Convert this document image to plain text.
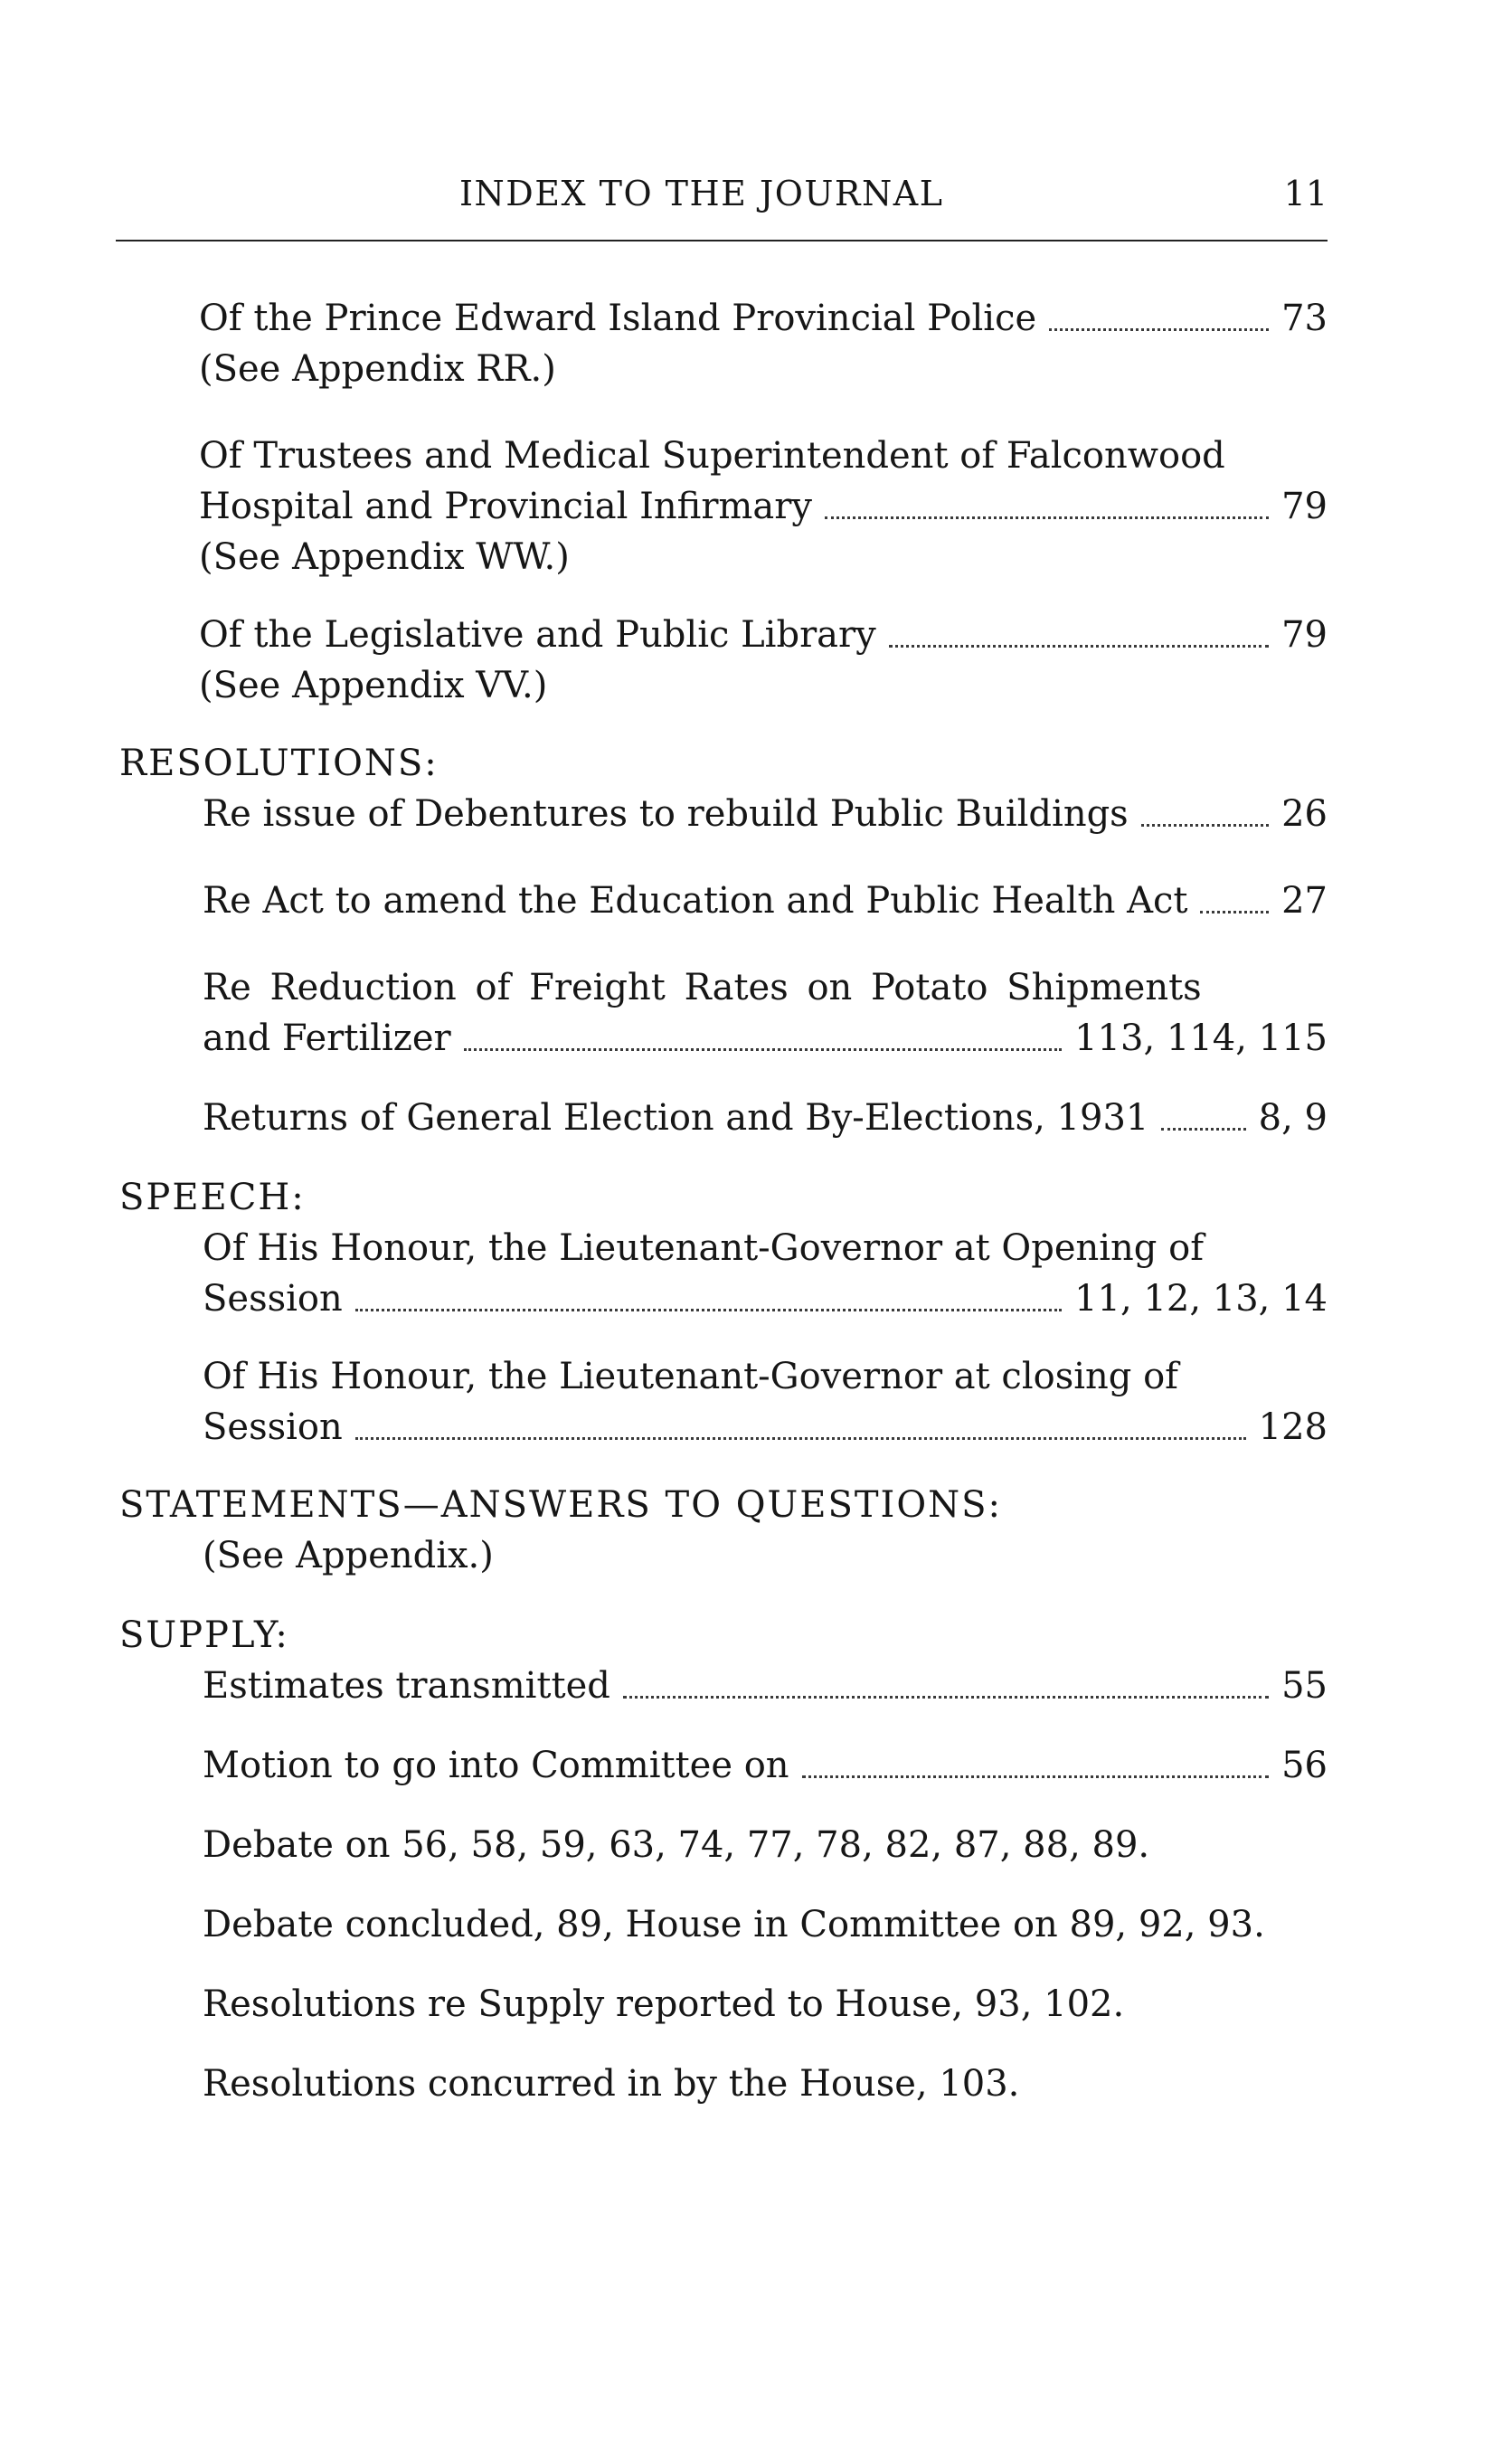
INDEX TO THE JOURNAL	11
Of the Prince Edward Island Provincial Police	73
(See Appendix RR.)
Of Trustees and Medical Superintendent of Falconwood
Hospital and Provincial Infirmary	79
(See Appendix WW.)
Of the Legislative and Public Library	79
(See Appendix VV.)
RESOLUTIONS:
Re issue of Debentures to rebuild Public Buildings	26
Re Act to amend the Education and Public Health Act	27
Re Reduction of Freight Rates on Potato Shipments
and Fertilizer	113, 114, 115
Returns of General Election and By-Elections, 1931	8, 9
SPEECH:
Of His Honour, the Lieutenant-Governor at Opening of
Session	11, 12, 13, 14
Of His Honour, the Lieutenant-Governor at closing of
Session	128
STATEMENTS—ANSWERS TO QUESTIONS:
(See Appendix.)
SUPPLY:
Estimates transmitted	55
Motion to go into Committee on	56
Debate on 56, 58, 59, 63, 74, 77, 78, 82, 87, 88, 89.
Debate concluded, 89, House in Committee on 89, 92, 93.
Resolutions re Supply reported to House, 93, 102.
Resolutions concurred in by the House, 103.
